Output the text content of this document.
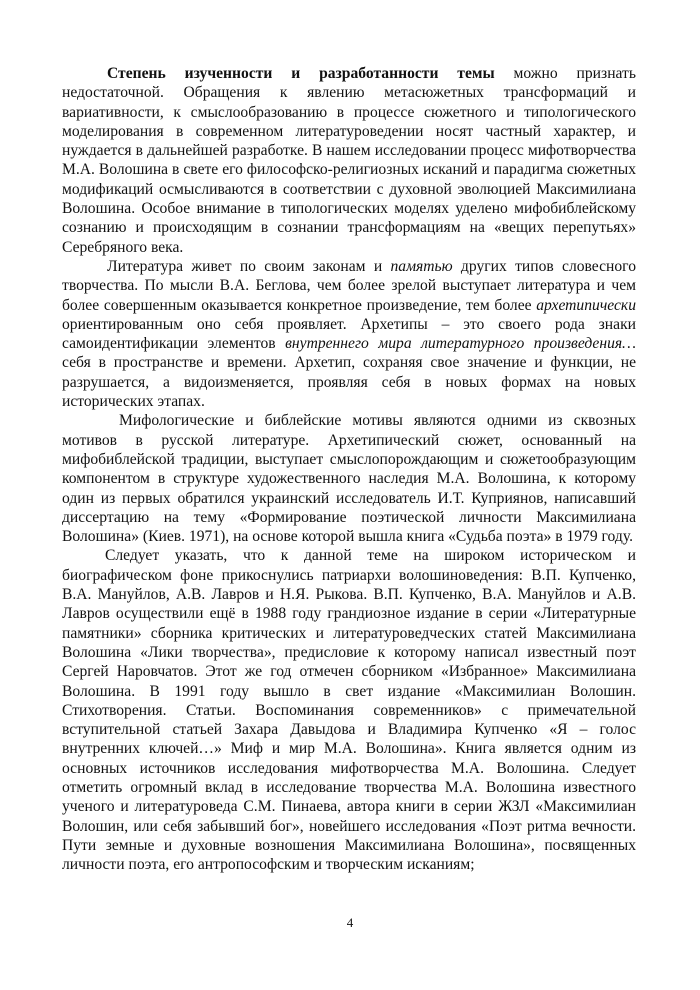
Степень изученности и разработанности темы можно признать недостаточной. Обращения к явлению метасюжетных трансформаций и вариативности, к смыслообразованию в процессе сюжетного и типологического моделирования в современном литературоведении носят частный характер, и нуждается в дальнейшей разработке. В нашем исследовании процесс мифотворчества М.А. Волошина в свете его философско-религиозных исканий и парадигма сюжетных модификаций осмысливаются в соответствии с духовной эволюцией Максимилиана Волошина. Особое внимание в типологических моделях уделено мифобиблейскому сознанию и происходящим в сознании трансформациям на «вещих перепутьях» Серебряного века.

Литература живет по своим законам и памятью других типов словесного творчества. По мысли В.А. Беглова, чем более зрелой выступает литература и чем более совершенным оказывается конкретное произведение, тем более архетипически ориентированным оно себя проявляет. Архетипы – это своего рода знаки самоидентификации элементов внутреннего мира литературного произведения… себя в пространстве и времени. Архетип, сохраняя свое значение и функции, не разрушается, а видоизменяется, проявляя себя в новых формах на новых исторических этапах.

Мифологические и библейские мотивы являются одними из сквозных мотивов в русской литературе. Архетипический сюжет, основанный на мифобиблейской традиции, выступает смыслопорождающим и сюжетообразующим компонентом в структуре художественного наследия М.А. Волошина, к которому один из первых обратился украинский исследователь И.Т. Куприянов, написавший диссертацию на тему «Формирование поэтической личности Максимилиана Волошина» (Киев. 1971), на основе которой вышла книга «Судьба поэта» в 1979 году.

Следует указать, что к данной теме на широком историческом и биографическом фоне прикоснулись патриархи волошиноведения: В.П. Купченко, В.А. Мануйлов, А.В. Лавров и Н.Я. Рыкова. В.П. Купченко, В.А. Мануйлов и А.В. Лавров осуществили ещё в 1988 году грандиозное издание в серии «Литературные памятники» сборника критических и литературоведческих статей Максимилиана Волошина «Лики творчества», предисловие к которому написал известный поэт Сергей Наровчатов. Этот же год отмечен сборником «Избранное» Максимилиана Волошина. В 1991 году вышло в свет издание «Максимилиан Волошин. Стихотворения. Статьи. Воспоминания современников» с примечательной вступительной статьей Захара Давыдова и Владимира Купченко «Я – голос внутренних ключей…» Миф и мир М.А. Волошина». Книга является одним из основных источников исследования мифотворчества М.А. Волошина. Следует отметить огромный вклад в исследование творчества М.А. Волошина известного ученого и литературоведа С.М. Пинаева, автора книги в серии ЖЗЛ «Максимилиан Волошин, или себя забывший бог», новейшего исследования «Поэт ритма вечности. Пути земные и духовные возношения Максимилиана Волошина», посвященных личности поэта, его антропософским и творческим исканиям;

4
